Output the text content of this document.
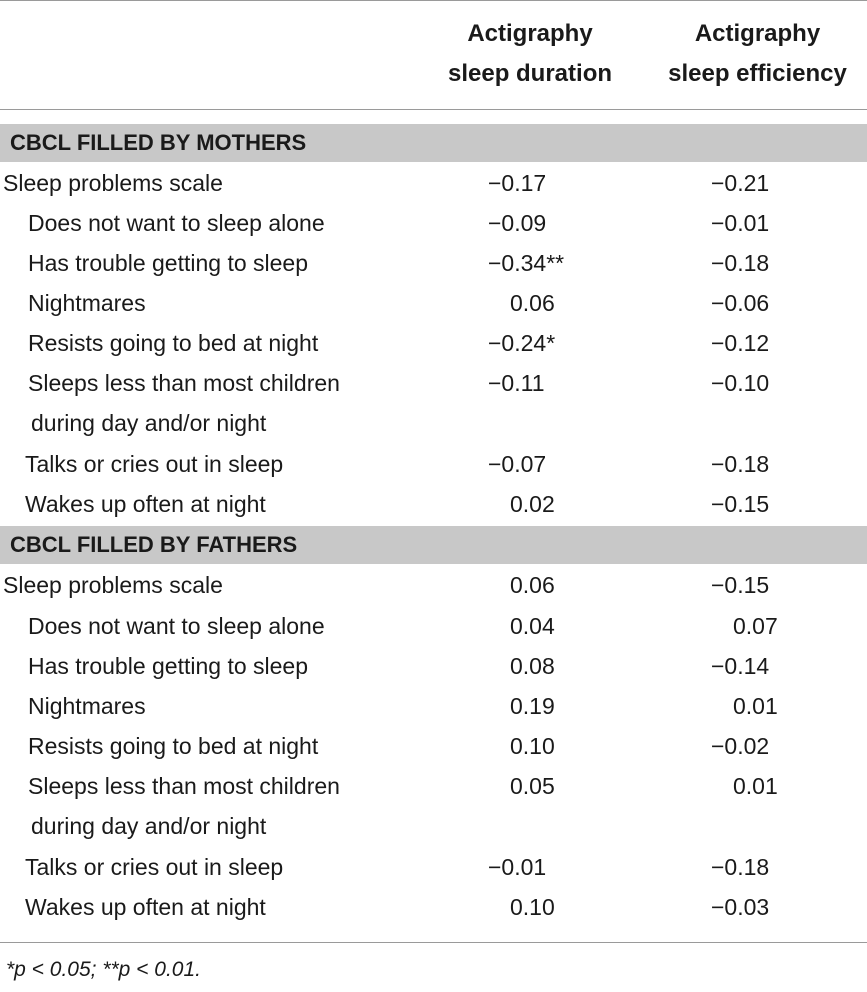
Actigraphy
sleep duration
Actigraphy
sleep efficiency
CBCL FILLED BY MOTHERS
Sleep problems scale	−0.17	−0.21
Does not want to sleep alone	−0.09	−0.01
Has trouble getting to sleep	−0.34**	−0.18
Nightmares	0.06	−0.06
Resists going to bed at night	−0.24*	−0.12
Sleeps less than most children
during day and/or night
−0.11	−0.10
Talks or cries out in sleep	−0.07	−0.18
Wakes up often at night	0.02	−0.15
CBCL FILLED BY FATHERS
Sleep problems scale	0.06	−0.15
Does not want to sleep alone	0.04	0.07
Has trouble getting to sleep	0.08	−0.14
Nightmares	0.19	0.01
Resists going to bed at night	0.10	−0.02
Sleeps less than most children
during day and/or night
0.05	0.01
Talks or cries out in sleep	−0.01	−0.18
Wakes up often at night	0.10	−0.03
*p < 0.05; **p < 0.01.
